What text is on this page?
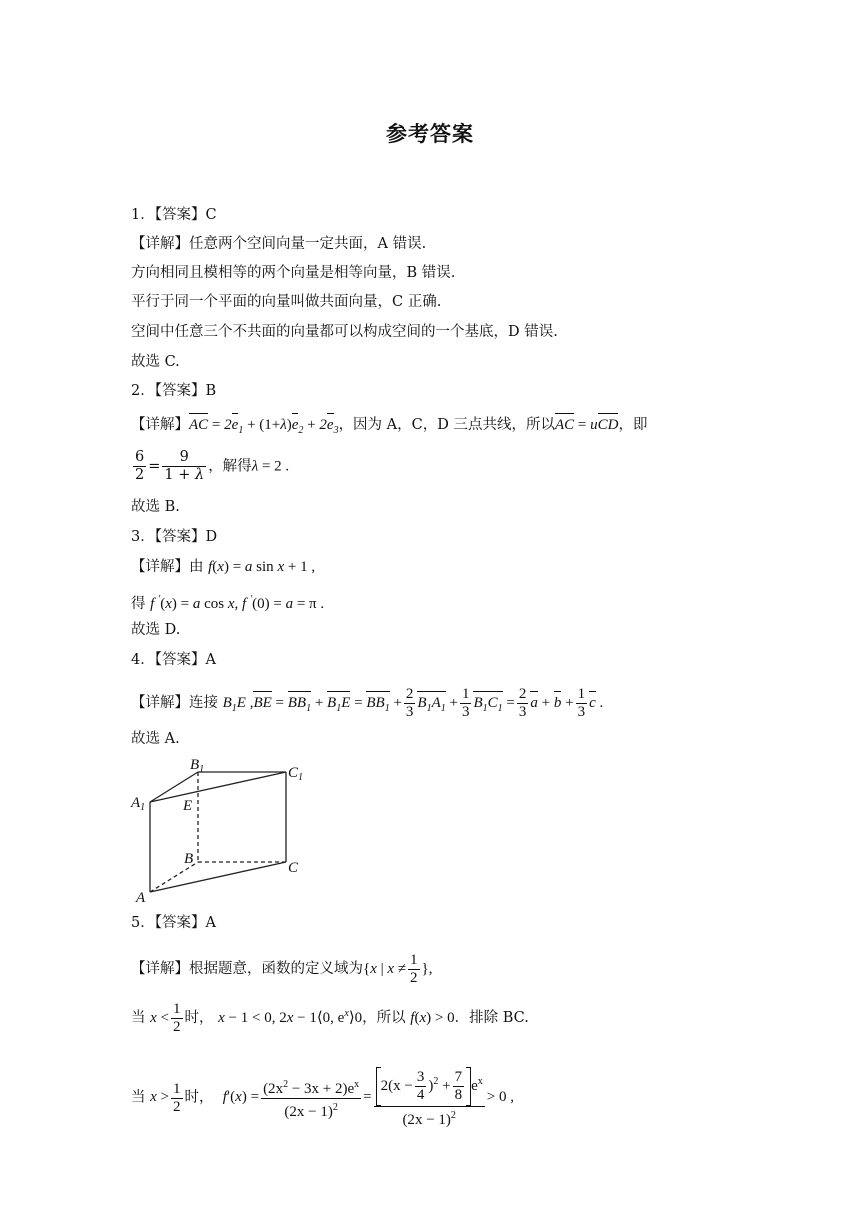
参考答案
1．【答案】C
【详解】任意两个空间向量一定共面，A 错误.
方向相同且模相等的两个向量是相等向量，B 错误.
平行于同一个平面的向量叫做共面向量，C 正确.
空间中任意三个不共面的向量都可以构成空间的一个基底，D 错误.
故选 C.
2．【答案】B
【详解】AC = $2e_1 + (1+\lambda)e_2 + 2e_3$，因为 A，C，D 三点共线，所以AC = uCD，即
$\frac{6}{2} = \frac{9}{1 + \lambda}$ ，解得λ = 2 .
故选 B.
3．【答案】D
【详解】由 f(x) = a sin x + 1 ,
得 f ′(x) = a cos x, f ′(0) = a = π .
故选 D.
4．【答案】A
【详解】连接 $B_1E$ $,BE = BB_1 + B_1E = BB_1 + \frac{2}{3} B_1A_1 + \frac{1}{3} B_1C_1 = \frac{2}{3}$ $a + b + \frac{1}{3}$ c .
故选 A.
$B_1$	$C_1$
$A_1$	E
B
C
A
5．【答案】A
【详解】根据题意，函数的定义域为{x | $x \ne \frac{1}{2}$ },
当 $x < \frac{1}{2}$ 时， x − 1 < 0, 2x − 1⟨0, $e^x⟩0$，所以 f(x) > 0．排除 BC.
当 $x > \frac{1}{2}$ 时， $f'(x) = \frac{(2x^2 - 3x + 2)e^x}{(2x - 1)^2} = \frac{2(x - \frac{3}{4} )^2 + \frac{7}{8} e^x}{(2x - 1)^2} > 0$ ,
